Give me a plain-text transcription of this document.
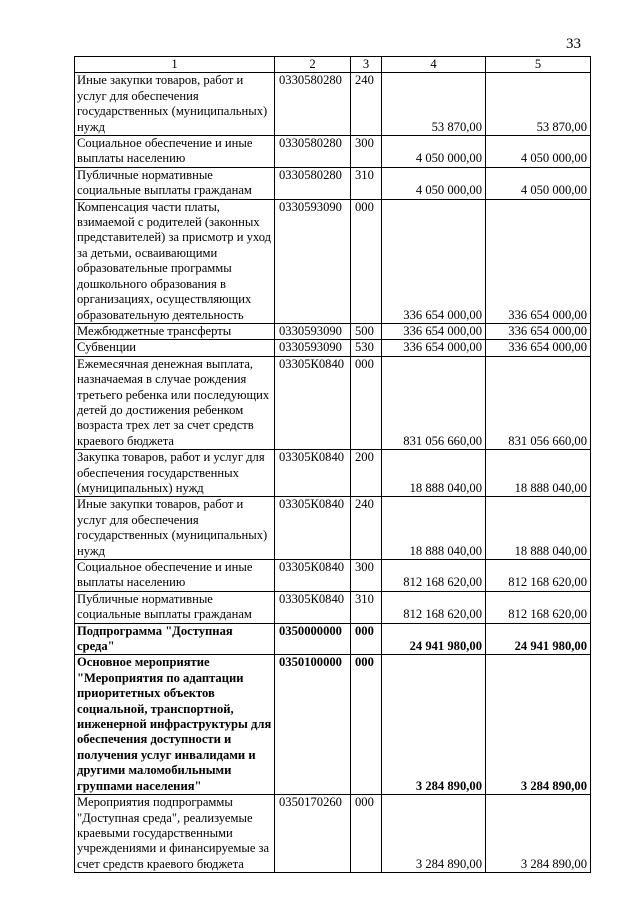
33
1	2	3	4	5
Иные закупки товаров, работ и услуг для обеспечения государственных (муниципальных) нужд	0330580280	240	53 870,00	53 870,00
Социальное обеспечение и иные выплаты населению	0330580280	300	4 050 000,00	4 050 000,00
Публичные нормативные социальные выплаты гражданам	0330580280	310	4 050 000,00	4 050 000,00
Компенсация части платы, взимаемой с родителей (законных представителей) за присмотр и уход за детьми, осваивающими образовательные программы дошкольного образования в организациях, осуществляющих образовательную деятельность	0330593090	000	336 654 000,00	336 654 000,00
Межбюджетные трансферты	0330593090	500	336 654 000,00	336 654 000,00
Субвенции	0330593090	530	336 654 000,00	336 654 000,00
Ежемесячная денежная выплата, назначаемая в случае рождения третьего ребенка или последующих детей до достижения ребенком возраста трех лет за счет средств краевого бюджета	03305К0840	000	831 056 660,00	831 056 660,00
Закупка товаров, работ и услуг для обеспечения государственных (муниципальных) нужд	03305К0840	200	18 888 040,00	18 888 040,00
Иные закупки товаров, работ и услуг для обеспечения государственных (муниципальных) нужд	03305К0840	240	18 888 040,00	18 888 040,00
Социальное обеспечение и иные выплаты населению	03305К0840	300	812 168 620,00	812 168 620,00
Публичные нормативные социальные выплаты гражданам	03305К0840	310	812 168 620,00	812 168 620,00
Подпрограмма "Доступная среда"	0350000000	000	24 941 980,00	24 941 980,00
Основное мероприятие "Мероприятия по адаптации приоритетных объектов социальной, транспортной, инженерной инфраструктуры для обеспечения доступности и получения услуг инвалидами и другими маломобильными группами населения"	0350100000	000	3 284 890,00	3 284 890,00
Мероприятия подпрограммы "Доступная среда", реализуемые краевыми государственными учреждениями и финансируемые за счет средств краевого бюджета	0350170260	000	3 284 890,00	3 284 890,00
